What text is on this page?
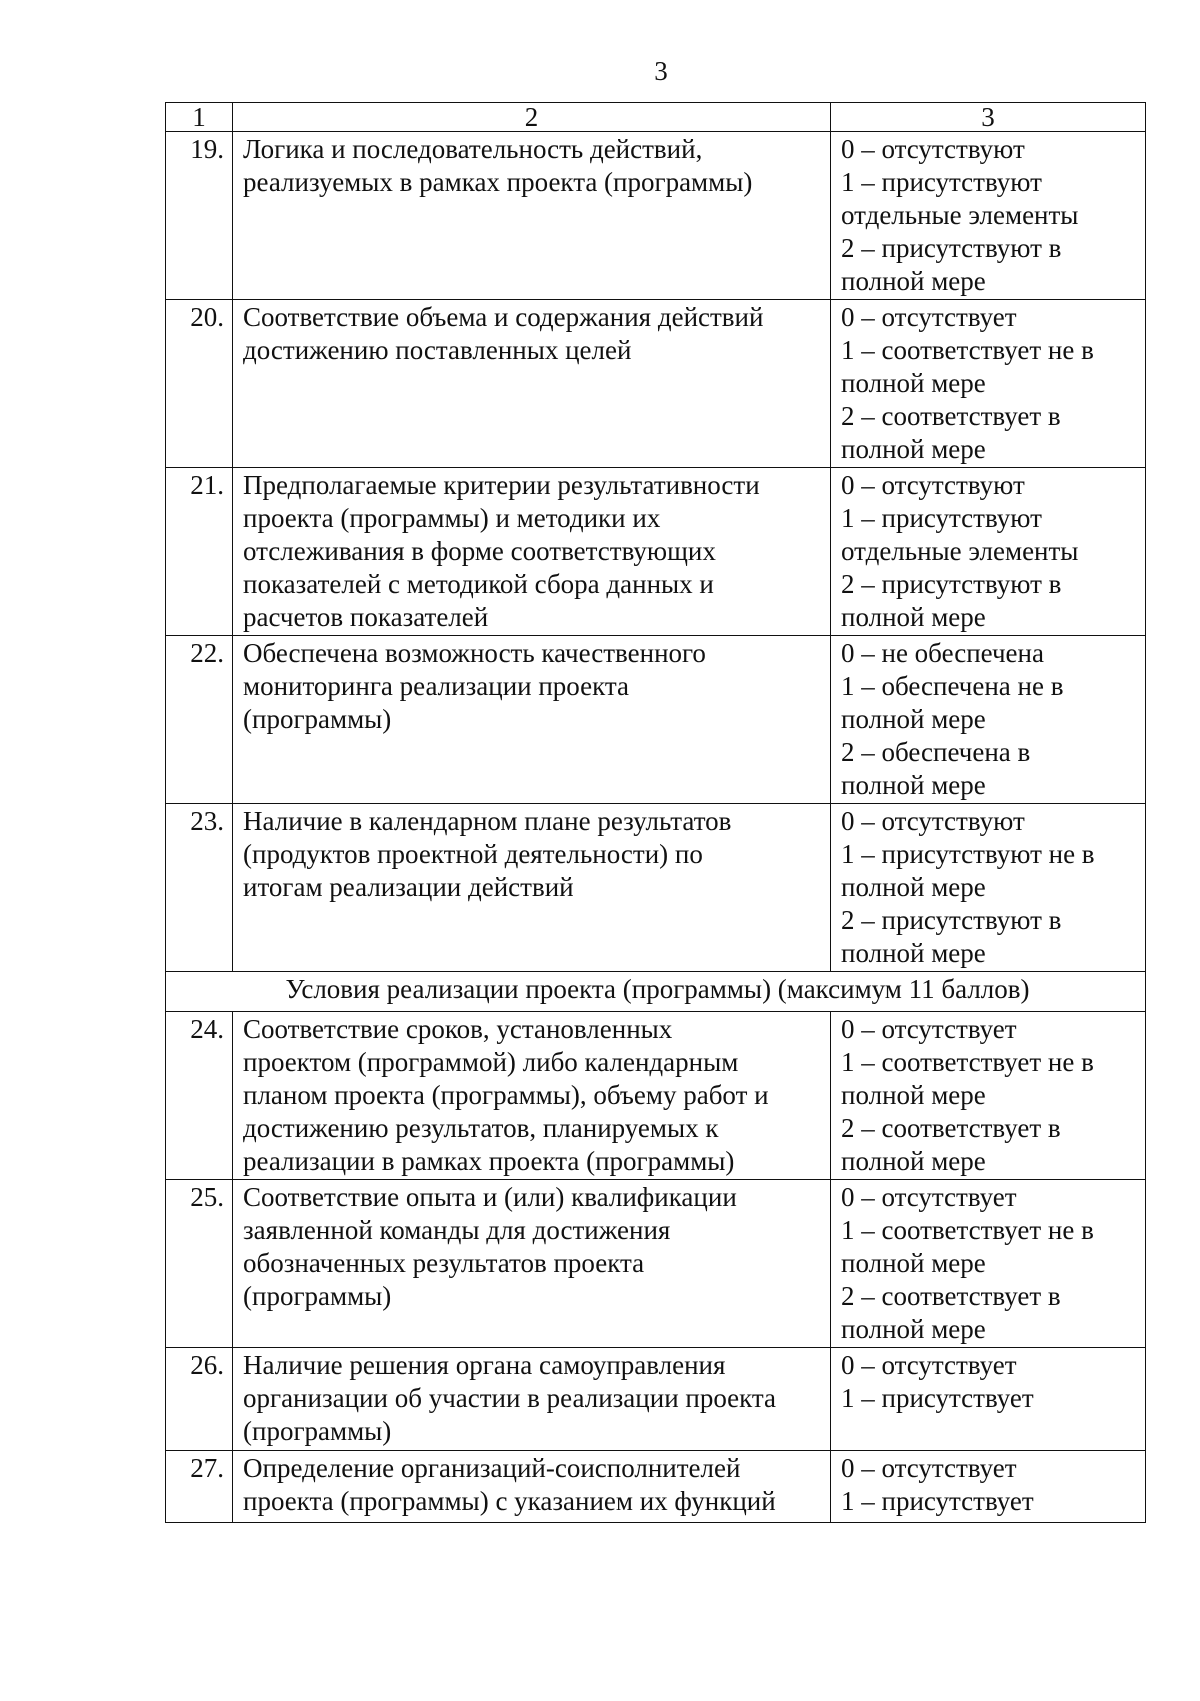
3
1	2	3
19.	Логика и последовательность действий,
реализуемых в рамках проекта (программы)	0 – отсутствуют
1 – присутствуют
отдельные элементы
2 – присутствуют в
полной мере

20.	Соответствие объема и содержания действий
достижению поставленных целей	0 – отсутствует
1 – соответствует не в
полной мере
2 – соответствует в
полной мере

21.	Предполагаемые критерии результативности
проекта (программы) и методики их
отслеживания в форме соответствующих
показателей с методикой сбора данных и
расчетов показателей	0 – отсутствуют
1 – присутствуют
отдельные элементы
2 – присутствуют в
полной мере

22.	Обеспечена возможность качественного
мониторинга реализации проекта
(программы)	0 – не обеспечена
1 – обеспечена не в
полной мере
2 – обеспечена в
полной мере

23.	Наличие в календарном плане результатов
(продуктов проектной деятельности) по
итогам реализации действий	0 – отсутствуют
1 – присутствуют не в
полной мере
2 – присутствуют в
полной мере

Условия реализации проекта (программы) (максимум 11 баллов)		
24.	Соответствие сроков, установленных
проектом (программой) либо календарным
планом проекта (программы), объему работ и
достижению результатов, планируемых к
реализации в рамках проекта (программы)	0 – отсутствует
1 – соответствует не в
полной мере
2 – соответствует в
полной мере

25.	Соответствие опыта и (или) квалификации
заявленной команды для достижения
обозначенных результатов проекта
(программы)	0 – отсутствует
1 – соответствует не в
полной мере
2 – соответствует в
полной мере

26.	Наличие решения органа самоуправления
организации об участии в реализации проекта
(программы)	0 – отсутствует
1 – присутствует

27.	Определение организаций-соисполнителей
проекта (программы) с указанием их функций	0 – отсутствует
1 – присутствует
